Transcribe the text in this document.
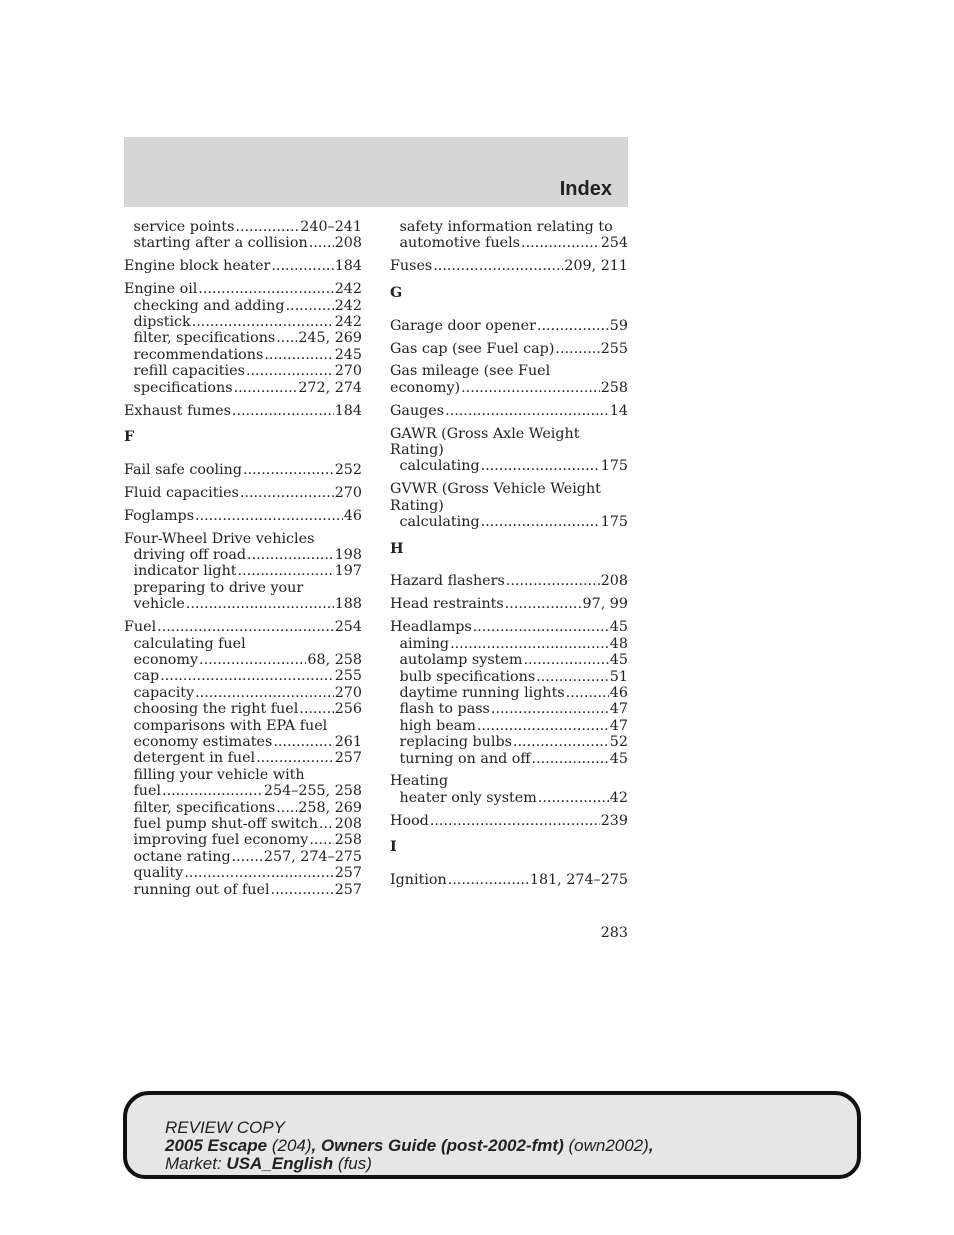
Index
service points .....	240–241
starting after a collision ..... 208
Engine block heater .....	184
Engine oil .....	242
checking and adding .....	242
dipstick .....	242
filter, specifications ..... 245, 269
recommendations .....	245
refill capacities .....	270
specifications .....	272, 274
Exhaust fumes .....	184
F
Fail safe cooling .....	252
Fluid capacities .....	270
Foglamps .....	46
Four-Wheel Drive vehicles
driving off road .....	198
indicator light .....	197
preparing to drive your
vehicle .....	188
Fuel .....	254
calculating fuel
economy .....	68, 258
cap .....	255
capacity .....	270
choosing the right fuel .....	256
comparisons with EPA fuel
economy estimates .....	261
detergent in fuel .....	257
filling your vehicle with
fuel .....	254–255, 258
filter, specifications ..... 258, 269
fuel pump shut-off switch ..... 208
improving fuel economy ..... 258
octane rating ..... 257, 274–275
quality .....	257
running out of fuel .....	257
safety information relating to
automotive fuels .....	254
Fuses .....	209, 211
G
Garage door opener .....	59
Gas cap (see Fuel cap) .....	255
Gas mileage (see Fuel
economy) .....	258
Gauges .....	14
GAWR (Gross Axle Weight
Rating)
calculating .....	175
GVWR (Gross Vehicle Weight
Rating)
calculating .....	175
H
Hazard flashers .....	208
Head restraints .....	97, 99
Headlamps .....	45
aiming .....	48
autolamp system .....	45
bulb specifications .....	51
daytime running lights .....	46
flash to pass .....	47
high beam .....	47
replacing bulbs .....	52
turning on and off .....	45
Heating
heater only system .....	42
Hood .....	239
I
Ignition .....	181, 274–275
283
REVIEW COPY
2005 Escape (204), Owners Guide (post-2002-fmt) (own2002),
Market: USA_English (fus)
